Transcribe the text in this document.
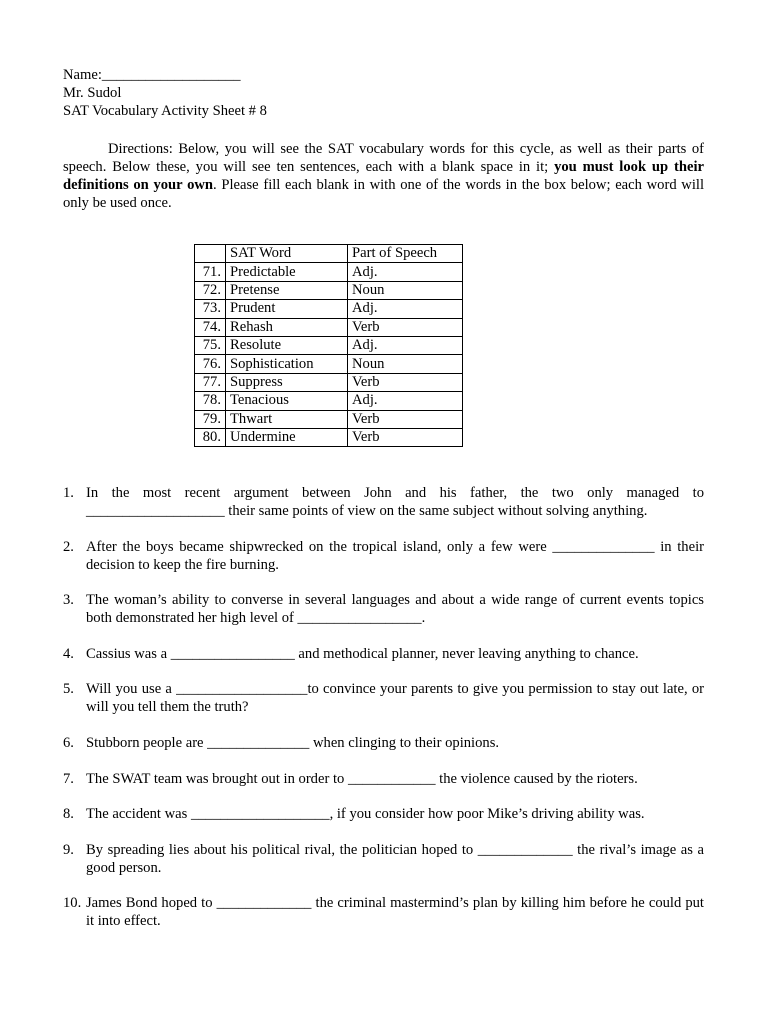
Name:___________________
Mr. Sudol
SAT Vocabulary Activity Sheet # 8
Directions: Below, you will see the SAT vocabulary words for this cycle, as well as their parts of speech. Below these, you will see ten sentences, each with a blank space in it; you must look up their definitions on your own. Please fill each blank in with one of the words in the box below; each word will only be used once.
	SAT Word	Part of Speech
71.	Predictable	Adj.
72.	Pretense	Noun
73.	Prudent	Adj.
74.	Rehash	Verb
75.	Resolute	Adj.
76.	Sophistication	Noun
77.	Suppress	Verb
78.	Tenacious	Adj.
79.	Thwart	Verb
80.	Undermine	Verb
1. In the most recent argument between John and his father, the two only managed to ___________________ their same points of view on the same subject without solving anything.
2. After the boys became shipwrecked on the tropical island, only a few were ______________ in their decision to keep the fire burning.
3. The woman’s ability to converse in several languages and about a wide range of current events topics both demonstrated her high level of _________________.
4. Cassius was a _________________ and methodical planner, never leaving anything to chance.
5. Will you use a __________________to convince your parents to give you permission to stay out late, or will you tell them the truth?
6. Stubborn people are ______________ when clinging to their opinions.
7. The SWAT team was brought out in order to ____________ the violence caused by the rioters.
8. The accident was ___________________, if you consider how poor Mike’s driving ability was.
9. By spreading lies about his political rival, the politician hoped to _____________ the rival’s image as a good person.
10. James Bond hoped to _____________ the criminal mastermind’s plan by killing him before he could put it into effect.
